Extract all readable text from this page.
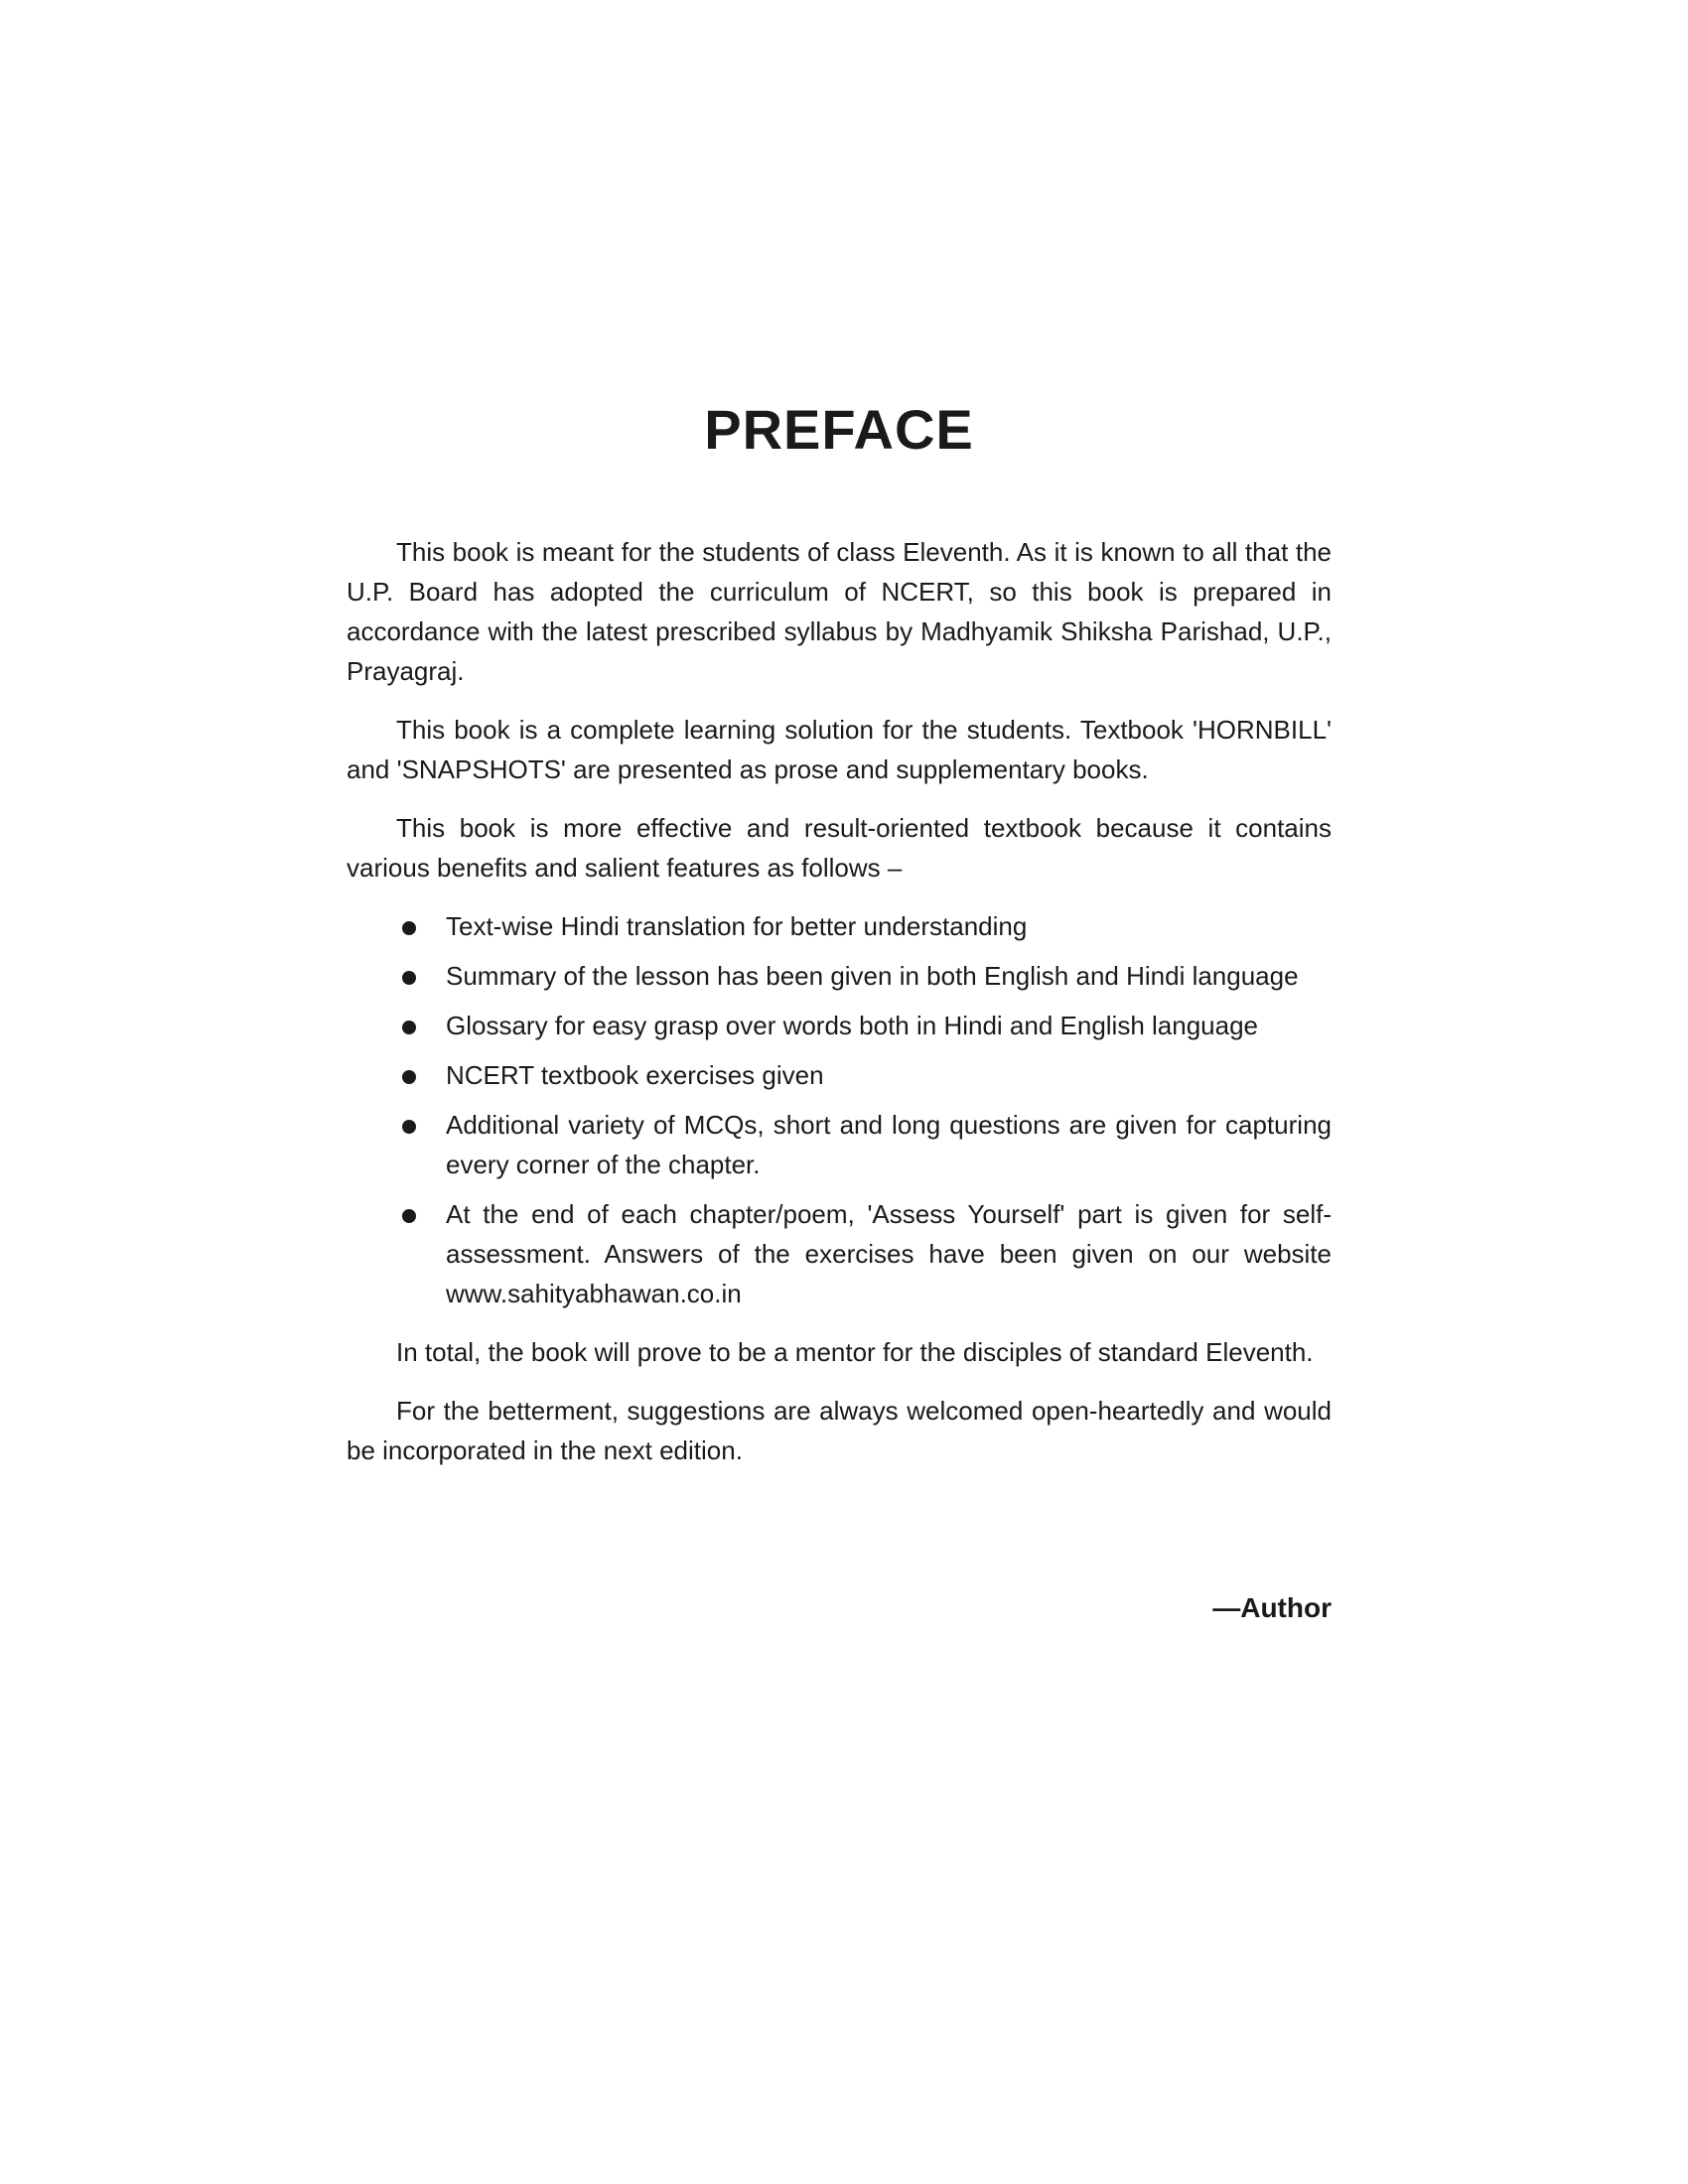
PREFACE

This book is meant for the students of class Eleventh. As it is known to all that the U.P. Board has adopted the curriculum of NCERT, so this book is prepared in accordance with the latest prescribed syllabus by Madhyamik Shiksha Parishad, U.P., Prayagraj.

This book is a complete learning solution for the students. Textbook 'HORNBILL' and 'SNAPSHOTS' are presented as prose and supplementary books.

This book is more effective and result-oriented textbook because it contains various benefits and salient features as follows –

Text-wise Hindi translation for better understanding
Summary of the lesson has been given in both English and Hindi language
Glossary for easy grasp over words both in Hindi and English language
NCERT textbook exercises given
Additional variety of MCQs, short and long questions are given for capturing every corner of the chapter.
At the end of each chapter/poem, 'Assess Yourself' part is given for self-assessment. Answers of the exercises have been given on our website www.sahityabhawan.co.in

In total, the book will prove to be a mentor for the disciples of standard Eleventh.

For the betterment, suggestions are always welcomed open-heartedly and would be incorporated in the next edition.

—Author
